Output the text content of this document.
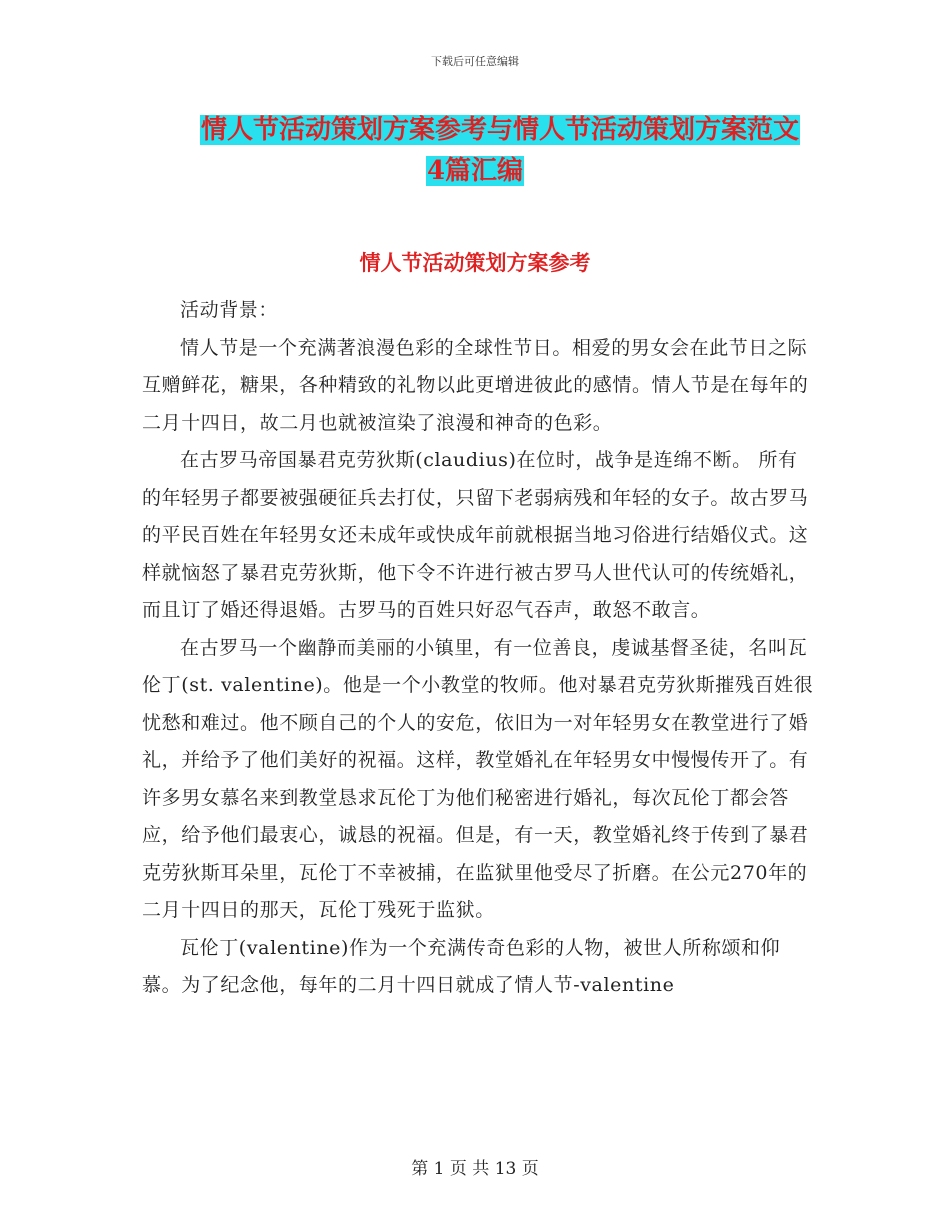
下载后可任意编辑
情人节活动策划方案参考与情人节活动策划方案范文
4篇汇编
情人节活动策划方案参考

活动背景：

情人节是一个充满著浪漫色彩的全球性节日。相爱的男女会在此节日之际互赠鲜花，糖果，各种精致的礼物以此更增进彼此的感情。情人节是在每年的二月十四日，故二月也就被渲染了浪漫和神奇的色彩。

在古罗马帝国暴君克劳狄斯(claudius)在位时，战争是连绵不断。 所有的年轻男子都要被强硬征兵去打仗，只留下老弱病残和年轻的女子。故古罗马的平民百姓在年轻男女还未成年或快成年前就根据当地习俗进行结婚仪式。这样就恼怒了暴君克劳狄斯，他下令不许进行被古罗马人世代认可的传统婚礼，而且订了婚还得退婚。古罗马的百姓只好忍气吞声，敢怒不敢言。

在古罗马一个幽静而美丽的小镇里，有一位善良，虔诚基督圣徒，名叫瓦伦丁(st. valentine)。他是一个小教堂的牧师。他对暴君克劳狄斯摧残百姓很忧愁和难过。他不顾自己的个人的安危，依旧为一对年轻男女在教堂进行了婚礼，并给予了他们美好的祝福。这样，教堂婚礼在年轻男女中慢慢传开了。有许多男女慕名来到教堂恳求瓦伦丁为他们秘密进行婚礼，每次瓦伦丁都会答应，给予他们最衷心，诚恳的祝福。但是，有一天，教堂婚礼终于传到了暴君克劳狄斯耳朵里，瓦伦丁不幸被捕，在监狱里他受尽了折磨。在公元270年的二月十四日的那天，瓦伦丁残死于监狱。

瓦伦丁(valentine)作为一个充满传奇色彩的人物，被世人所称颂和仰慕。为了纪念他，每年的二月十四日就成了情人节-valentine

第 1 页 共 13 页
